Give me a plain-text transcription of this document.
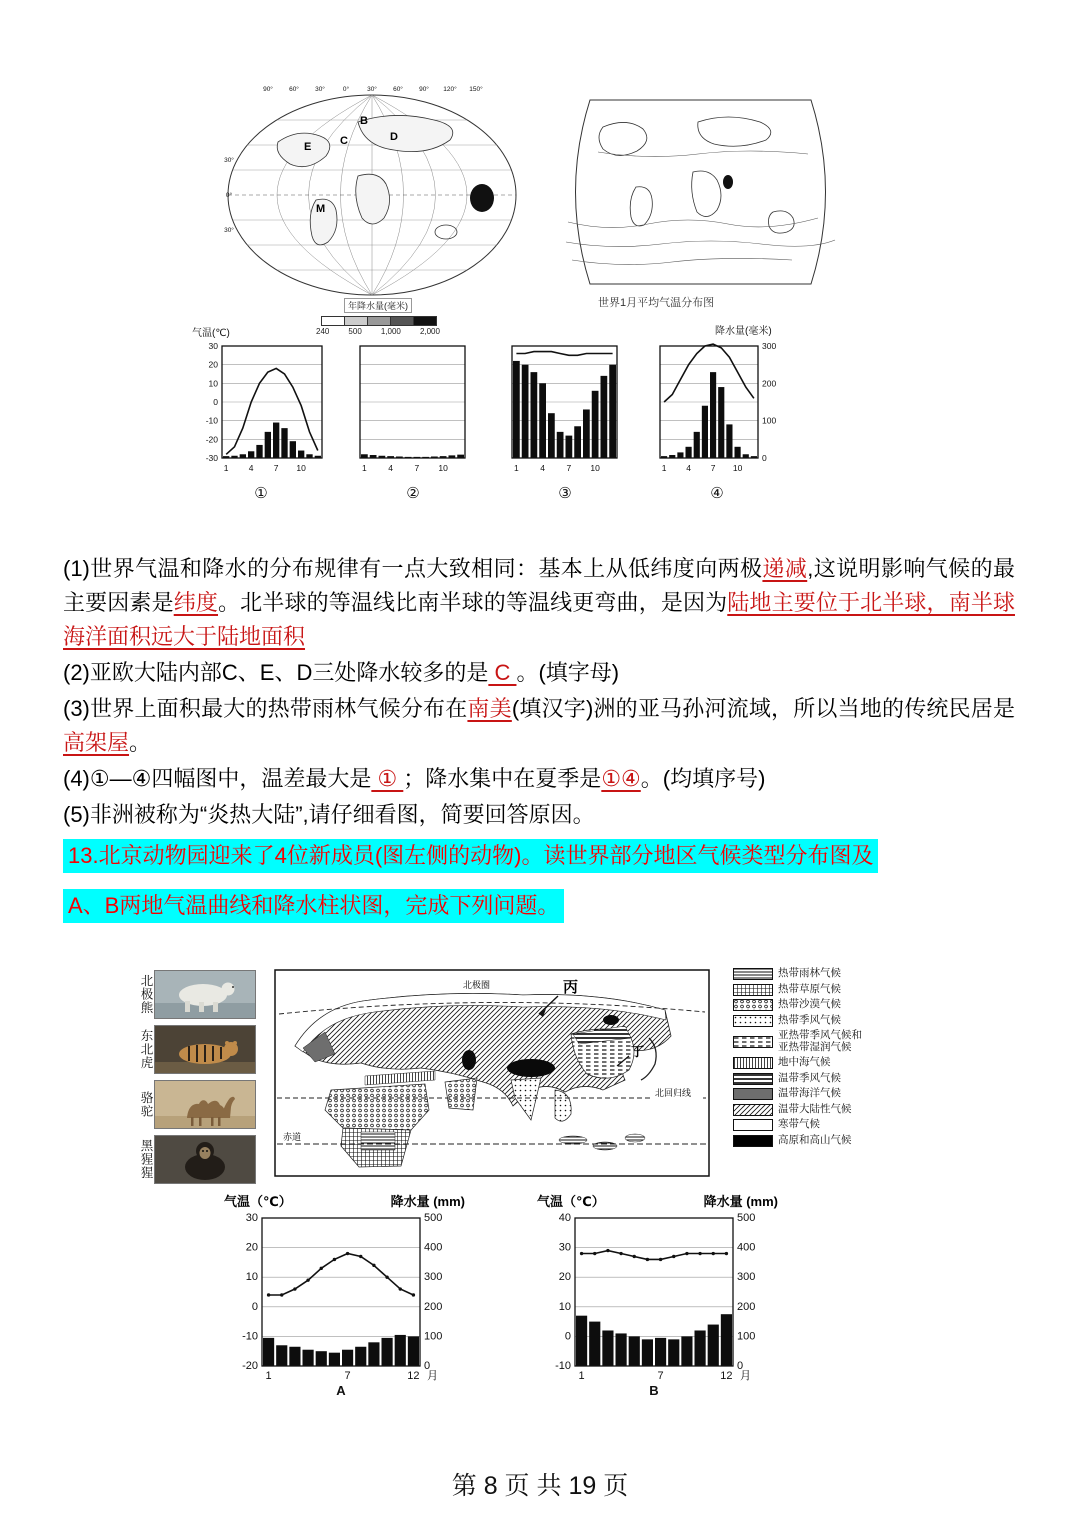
B
E	C	D
M
90° 60° 30°	0°	30° 60° 90° 120° 150°
30°
0°
30°
年降水量(毫米)
240 500 1,000 2,000
世界1月平均气温分布图
气温(℃)	降水量(毫米)
30
20
10
0
-10
-20
-30
1 4 7 10	1	4	7 10	1	4	7 10
300
200
100
0
1 4 7 10
①	②	③	④

(1)世界气温和降水的分布规律有一点大致相同：基本上从低纬度向两极递减,这说明影响气候的最主要因素是纬度。北半球的等温线比南半球的等温线更弯曲，是因为陆地主要位于北半球，南半球海洋面积远大于陆地面积

(2)亚欧大陆内部C、E、D三处降水较多的是 C 。(填字母)

(3)世界上面积最大的热带雨林气候分布在南美(填汉字)洲的亚马孙河流域，所以当地的传统民居是高架屋。

(4)①—④四幅图中，温差最大是 ① ；降水集中在夏季是①④。(均填序号)

(5)非洲被称为“炎热大陆”,请仔细看图，简要回答原因。

13.北京动物园迎来了4位新成员(图左侧的动物)。读世界部分地区气候类型分布图及
A、B两地气温曲线和降水柱状图，完成下列问题。
北极熊
东北虎
骆驼
黑猩猩
北极圈	丙
丁
北回归线
赤道
热带雨林气候
热带草原气候
热带沙漠气候
热带季风气候
亚热带季风气候和
亚热带湿润气候
地中海气候
温带季风气候
温带海洋气候
温带大陆性气候
寒带气候
高原和高山气候
气温（℃）	降水量 (mm)
30
20
10
0
-10
-20
500
400
300
200
100
0
1	7	12 月
A
气温（℃）	降水量 (mm)
40
30
20
10
0
-10
500
400
300
200
100
0
1	7	12 月
B
第 8 页 共 19 页
